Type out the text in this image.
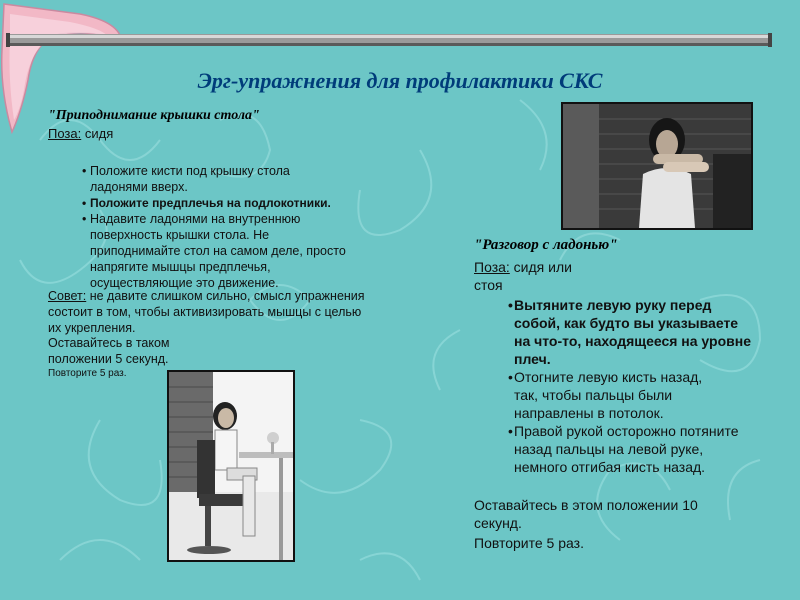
Эрг-упражнения для профилактики СКС
"Приподнимание крышки стола"
Поза: сидя
• Положите кисти под крышку стола ладонями вверх.
• Положите предплечья на подлокотники.
• Надавите ладонями на внутреннюю поверхность крышки стола. Не приподнимайте стол на самом деле, просто напрягите мышцы предплечья, осуществляющие это движение.
Совет: не давите слишком сильно, смысл упражнения состоит в том, чтобы активизировать мышцы с целью их укрепления.
Оставайтесь в таком положении 5 секунд.
Повторите 5 раз.
"Разговор с ладонью"
Поза: сидя или стоя
• Вытяните левую руку перед собой, как будто вы указываете на что-то, находящееся на уровне плеч.
• Отогните левую кисть назад, так, чтобы пальцы были направлены в потолок.
• Правой рукой осторожно потяните назад пальцы на левой руке, немного отгибая кисть назад.
Оставайтесь в этом положении 10 секунд.
Повторите 5 раз.
